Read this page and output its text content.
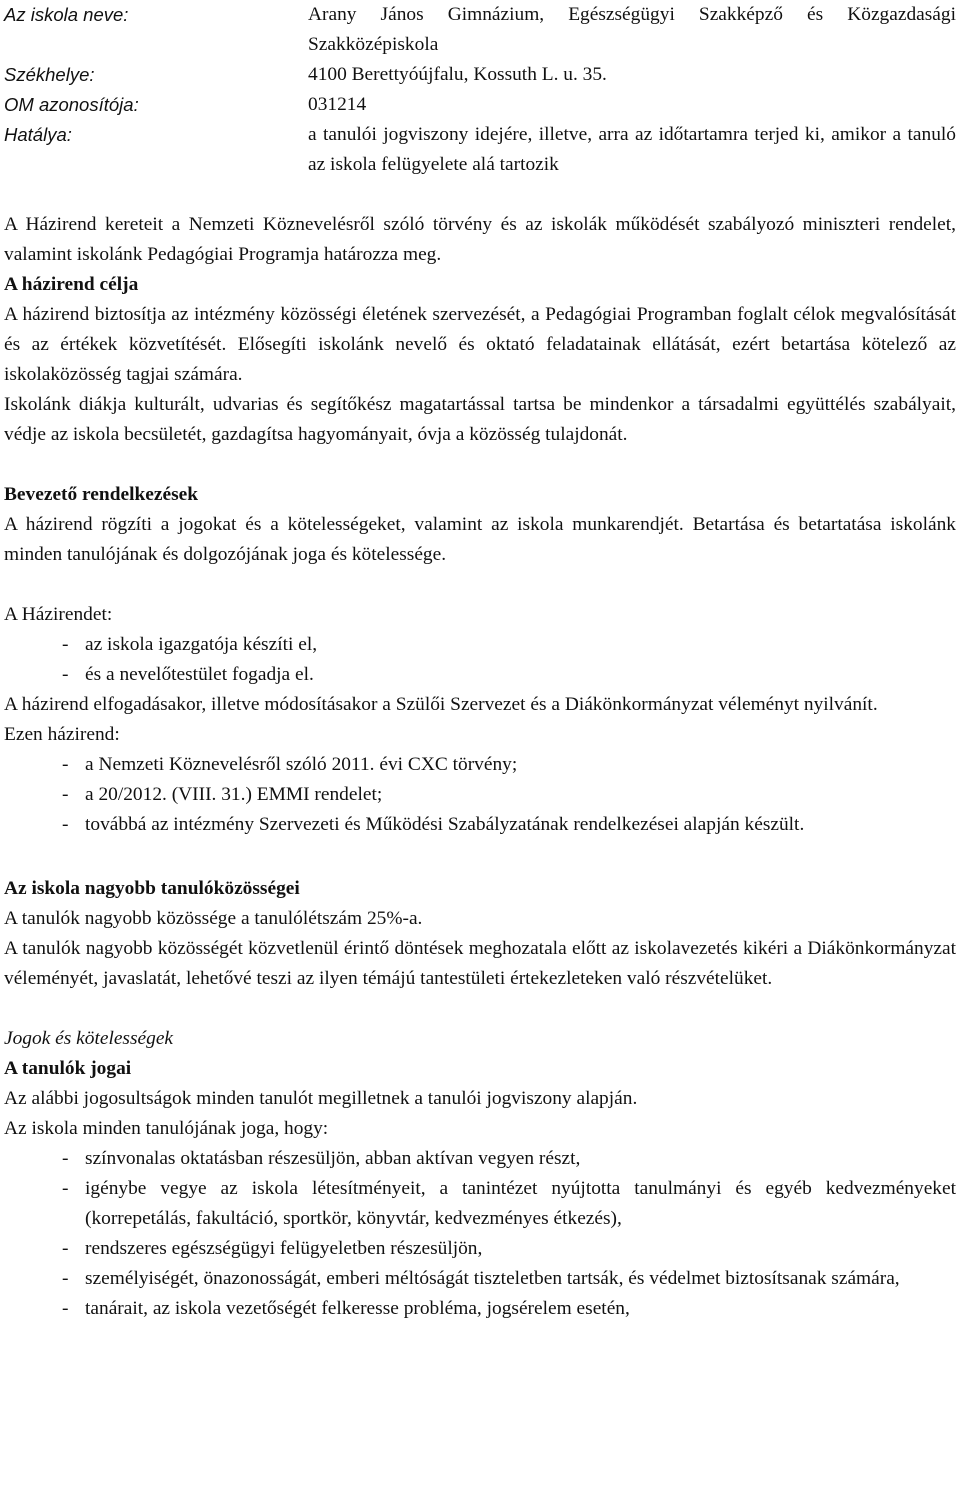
Az iskola neve:	Arany János Gimnázium, Egészségügyi Szakképző és Közgazdasági Szakközépiskola
Székhelye:	4100 Berettyóújfalu, Kossuth L. u. 35.
OM azonosítója:	031214
Hatálya:	a tanulói jogviszony idejére, illetve, arra az időtartamra terjed ki, amikor a tanuló az iskola felügyelete alá tartozik

A Házirend kereteit a Nemzeti Köznevelésről szóló törvény és az iskolák működését szabályozó miniszteri rendelet, valamint iskolánk Pedagógiai Programja határozza meg.

A házirend célja

A házirend biztosítja az intézmény közösségi életének szervezését, a Pedagógiai Programban foglalt célok megvalósítását és az értékek közvetítését. Elősegíti iskolánk nevelő és oktató feladatainak ellátását, ezért betartása kötelező az iskolaközösség tagjai számára.

Iskolánk diákja kulturált, udvarias és segítőkész magatartással tartsa be mindenkor a társadalmi együttélés szabályait, védje az iskola becsületét, gazdagítsa hagyományait, óvja a közösség tulajdonát.

Bevezető rendelkezések

A házirend rögzíti a jogokat és a kötelességeket, valamint az iskola munkarendjét. Betartása és betartatása iskolánk minden tanulójának és dolgozójának joga és kötelessége.

A Házirendet:
- az iskola igazgatója készíti el,
- és a nevelőtestület fogadja el.

A házirend elfogadásakor, illetve módosításakor a Szülői Szervezet és a Diákönkormányzat véleményt nyilvánít.

Ezen házirend:
- a Nemzeti Köznevelésről szóló 2011. évi CXC törvény;
- a 20/2012. (VIII. 31.) EMMI rendelet;
- továbbá az intézmény Szervezeti és Működési Szabályzatának rendelkezései alapján készült.
Az iskola nagyobb tanulóközösségei

A tanulók nagyobb közössége a tanulólétszám 25%-a.

A tanulók nagyobb közösségét közvetlenül érintő döntések meghozatala előtt az iskolavezetés kikéri a Diákönkormányzat véleményét, javaslatát, lehetővé teszi az ilyen témájú tantestületi értekezleteken való részvételüket.

Jogok és kötelességek
A tanulók jogai

Az alábbi jogosultságok minden tanulót megilletnek a tanulói jogviszony alapján.

Az iskola minden tanulójának joga, hogy:

- színvonalas oktatásban részesüljön, abban aktívan vegyen részt,
- igénybe vegye az iskola létesítményeit, a tanintézet nyújtotta tanulmányi és egyéb kedvezményeket (korrepetálás, fakultáció, sportkör, könyvtár, kedvezményes étkezés),
- rendszeres egészségügyi felügyeletben részesüljön,
- személyiségét, önazonosságát, emberi méltóságát tiszteletben tartsák, és védelmet biztosítsanak számára,
- tanárait, az iskola vezetőségét felkeresse probléma, jogsérelem esetén,
